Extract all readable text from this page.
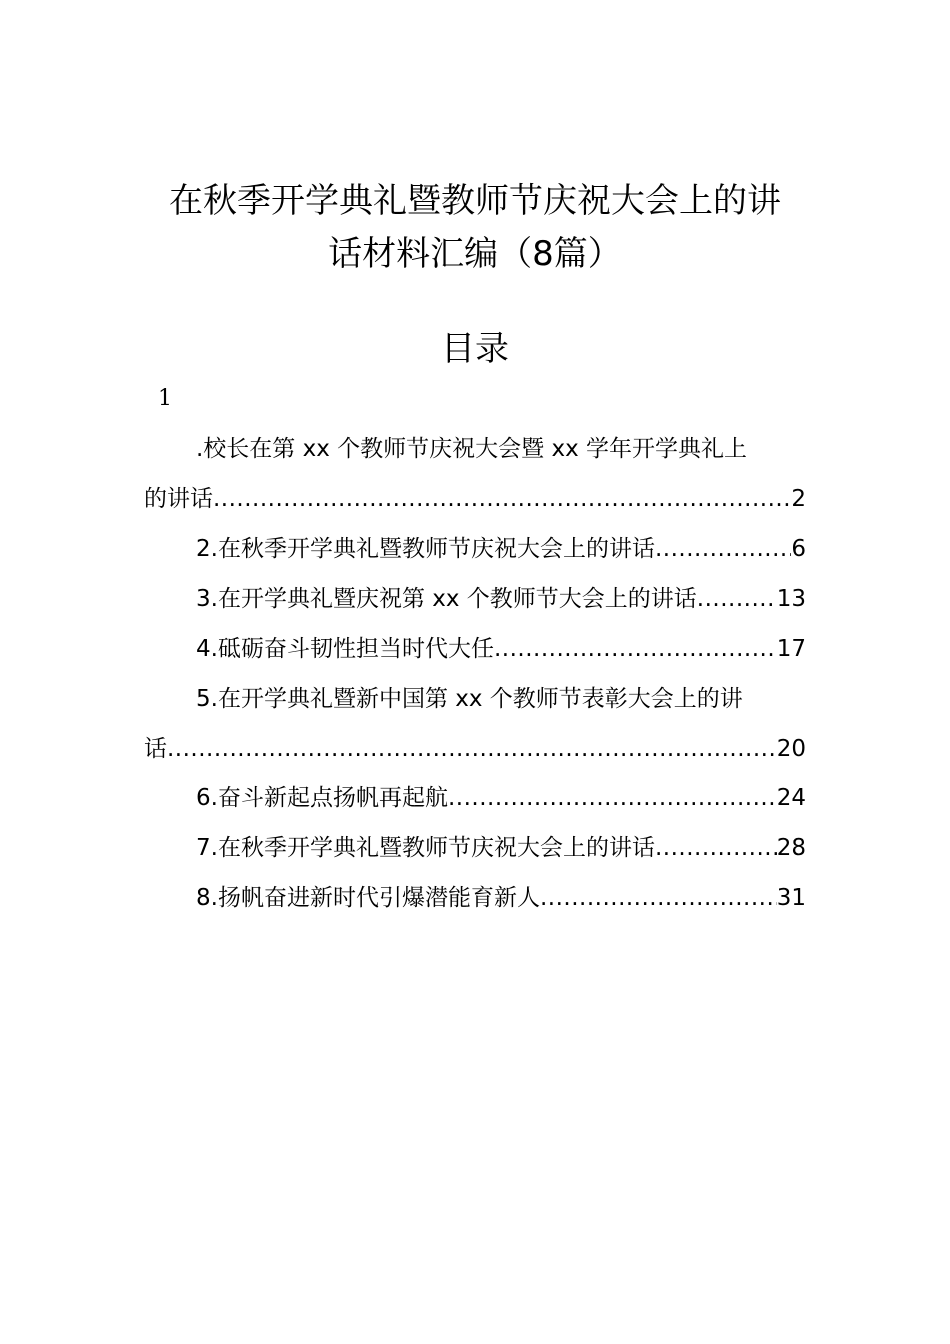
在秋季开学典礼暨教师节庆祝大会上的讲
话材料汇编（8篇）
目录
1
.校长在第 xx 个教师节庆祝大会暨 xx 学年开学典礼上
的讲话 .....	2
2.在秋季开学典礼暨教师节庆祝大会上的讲话 .....	6
3.在开学典礼暨庆祝第 xx 个教师节大会上的讲话 .....	13
4.砥砺奋斗韧性担当时代大任 .....	17
5.在开学典礼暨新中国第 xx 个教师节表彰大会上的讲
话 .....	20
6.奋斗新起点扬帆再起航 .....	24
7.在秋季开学典礼暨教师节庆祝大会上的讲话 .....	28
8.扬帆奋进新时代引爆潜能育新人 .....	31
